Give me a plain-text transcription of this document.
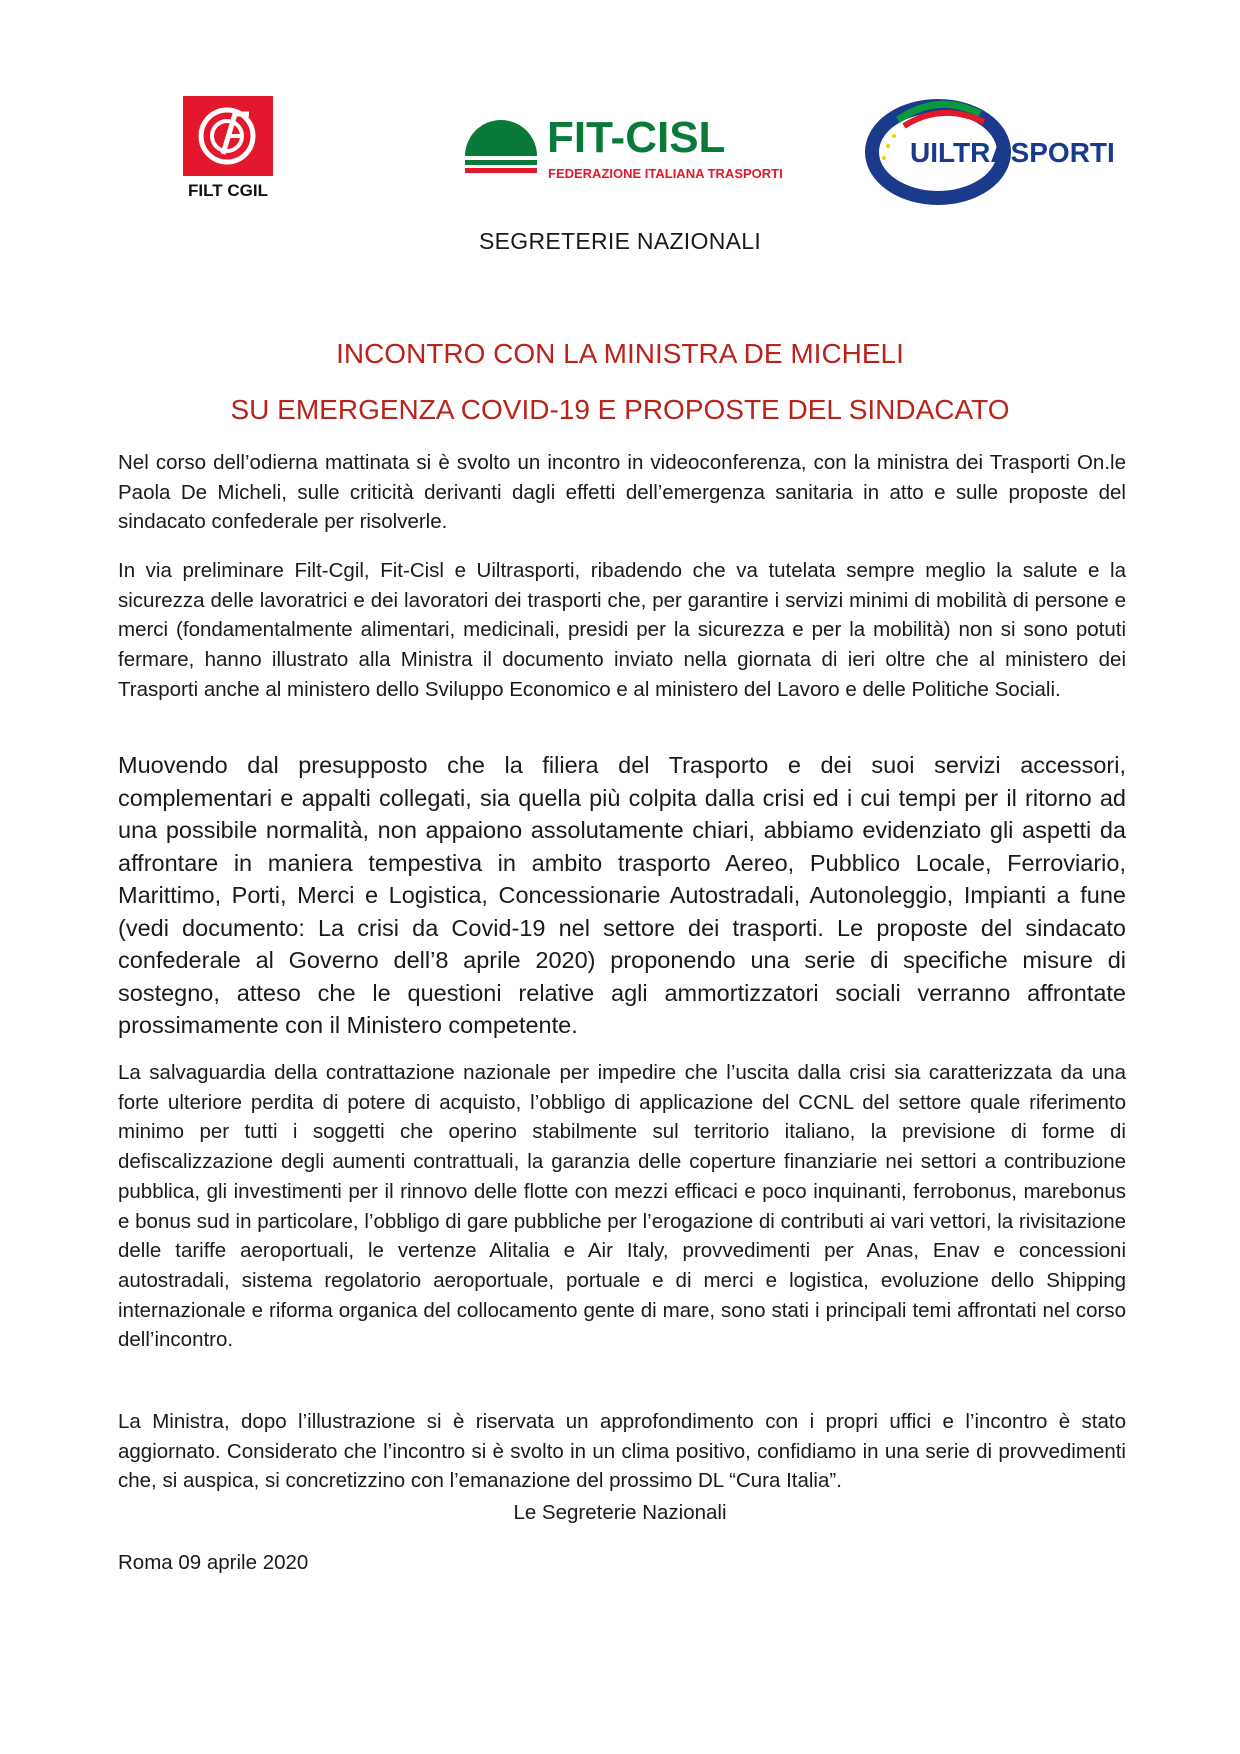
FILT CGIL
FIT-CISL
FEDERAZIONE ITALIANA TRASPORTI
UILTRASPORTI
SEGRETERIE NAZIONALI
INCONTRO CON LA MINISTRA DE MICHELI
SU EMERGENZA COVID-19 E PROPOSTE DEL SINDACATO

Nel corso dell’odierna mattinata si è svolto un incontro in videoconferenza, con la ministra dei Trasporti On.le Paola De Micheli, sulle criticità derivanti dagli effetti dell’emergenza sanitaria in atto e sulle proposte del sindacato confederale per risolverle.

In via preliminare Filt-Cgil, Fit-Cisl e Uiltrasporti, ribadendo che va tutelata sempre meglio la salute e la sicurezza delle lavoratrici e dei lavoratori dei trasporti che, per garantire i servizi minimi di mobilità di persone e merci (fondamentalmente alimentari, medicinali, presidi per la sicurezza e per la mobilità) non si sono potuti fermare, hanno illustrato alla Ministra il documento inviato nella giornata di ieri oltre che al ministero dei Trasporti anche al ministero dello Sviluppo Economico e al ministero del Lavoro e delle Politiche Sociali.

Muovendo dal presupposto che la filiera del Trasporto e dei suoi servizi accessori, complementari e appalti collegati, sia quella più colpita dalla crisi ed i cui tempi per il ritorno ad una possibile normalità, non appaiono assolutamente chiari, abbiamo evidenziato gli aspetti da affrontare in maniera tempestiva in ambito trasporto Aereo, Pubblico Locale, Ferroviario, Marittimo, Porti, Merci e Logistica, Concessionarie Autostradali, Autonoleggio, Impianti a fune (vedi documento: La crisi da Covid-19 nel settore dei trasporti. Le proposte del sindacato confederale al Governo dell’8 aprile 2020) proponendo una serie di specifiche misure di sostegno, atteso che le questioni relative agli ammortizzatori sociali verranno affrontate prossimamente con il Ministero competente.

La salvaguardia della contrattazione nazionale per impedire che l’uscita dalla crisi sia caratterizzata da una forte ulteriore perdita di potere di acquisto, l’obbligo di applicazione del CCNL del settore quale riferimento minimo per tutti i soggetti che operino stabilmente sul territorio italiano, la previsione di forme di defiscalizzazione degli aumenti contrattuali, la garanzia delle coperture finanziarie nei settori a contribuzione pubblica, gli investimenti per il rinnovo delle flotte con mezzi efficaci e poco inquinanti, ferrobonus, marebonus e bonus sud in particolare, l’obbligo di gare pubbliche per l’erogazione di contributi ai vari vettori, la rivisitazione delle tariffe aeroportuali, le vertenze Alitalia e Air Italy, provvedimenti per Anas, Enav e concessioni autostradali, sistema regolatorio aeroportuale, portuale e di merci e logistica, evoluzione dello Shipping internazionale e riforma organica del collocamento gente di mare, sono stati i principali temi affrontati nel corso dell’incontro.

La Ministra, dopo l’illustrazione si è riservata un approfondimento con i propri uffici e l’incontro è stato aggiornato. Considerato che l’incontro si è svolto in un clima positivo, confidiamo in una serie di provvedimenti che, si auspica, si concretizzino con l’emanazione del prossimo DL “Cura Italia”.

Le Segreterie Nazionali
Roma 09 aprile 2020
